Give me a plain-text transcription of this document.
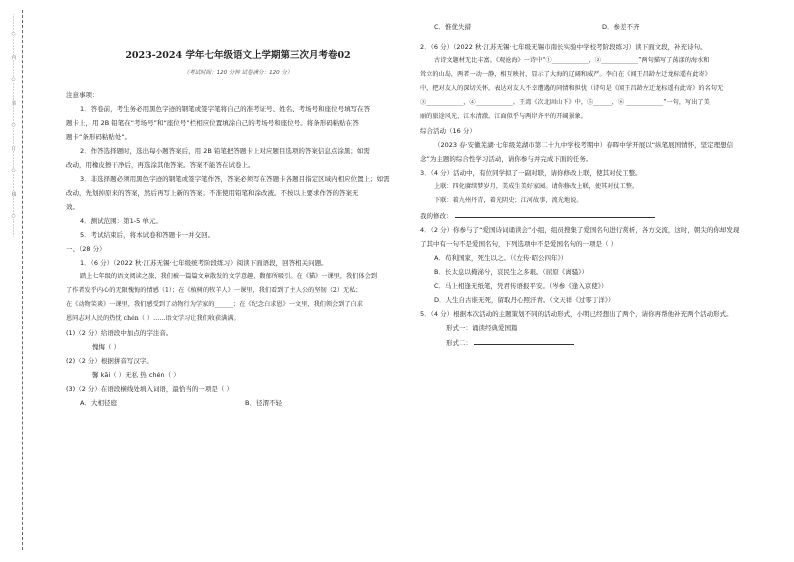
…………○…………内…………○…………装…………○…………订…………○…………线…………○…………	2023-2024 学年七年级语文上学期第三次月考卷02
（考试时间：120 分钟 试卷满分：120 分）
注意事项：
1．答卷前，考生务必用黑色字迹的钢笔或签字笔将自己的准考证号、姓名、考场号和座位号填写在答
题卡上，用 2B 铅笔在“考场号”和“座位号”栏相应位置填涂自己的考场号和座位号。将条形码粘贴在答
题卡“条形码粘贴处”。
2．作答选择题时，选出每小题答案后，用 2B 铅笔把答题卡上对应题目选项的答案信息点涂黑；如需
改动，用橡皮擦干净后，再选涂其他答案。答案不能答在试卷上。
3．非选择题必须用黑色字迹的钢笔或签字笔作答，答案必须写在答题卡各题目指定区域内相应位置上；如需
改动，先划掉原来的答案，然后再写上新的答案；不准使用铅笔和涂改液。不按以上要求作答的答案无
效。
4．测试范围：第1-5 单元。
5．考试结束后，将本试卷和答题卡一并交回。
一、（28 分）
1．（6 分）（2022 秋·江苏无锡·七年级统考阶段练习）阅读下面语段，回答相关问题。
踏上七年级的语文阅读之旅，我们被一篇篇文章散发的文学意趣、馥郁所吸引。在《猫》一课里，我们体会到
了作者发乎内心的无限愧悔的情感（1）；在《植树的牧羊人》一课里，我们看到了主人公的坚韧（2）无私；
在《动物笑谈》一课里，我们感受到了动物行为学家的______；在《纪念白求恩》一文里，我们领会到了白求
恩同志对人民的热忱 chén（ ）……语文学习让我们收获满满。
(1)（2 分）给语段中加点的字注音。
愧悔（ ）
(2)（2 分）根据拼音写汉字。
馨 kāi（ ）无私 热 chén（ ）
(3)（2 分）在语段横线处填入词语，最恰当的一项是（ ）
A．大相径庭	B．径渭不轻
C．惟优失措	D．参差不齐
2．（6 分）（2022 秋·江苏无锡·七年级无锡市南长实验中学校考阶段练习）读下面文段，补充诗句。
古诗文题材无比丰富。《观沧海》一诗中“①____________，②____________”两句描写了荡漾的海水和
耸立的山岛，两者一动一静，相互映衬，显示了大海的辽阔和威严。李白在《闻王昌龄左迁龙标遥有此寄》
中，把对友人的深切关怀，表达对友人不幸遭遇的同情和担忧（诗句是《闻王昌龄左迁龙标遥有此寄》的名句无
③____________，④____________。王湾《次北固山下》中，⑤______，⑥ ____________”一句，写出了美
丽的旅途风光，江水清澈，江面似乎与两岸齐平的开阔景象。
综合活动（16 分）
（2023 春·安徽芜湖·七年级芜湖市第二十九中学校考期中）春晖中学开展以“纵笔展国情怀，坚定理想信
念”为主题的综合性学习活动，请你参与并完成下面的任务。
3．（4 分）活动中，有位同学拟了一副对联，请你修改上联，使其对仗工整。
上联：四化赓续梦岁月，美成生美好家园。请你修改上联，使其对仗工整。
下联：着九州丹青，着光阴史；江河故事，流光地说。
我的修改：
4．（2 分）你参与了“爱国诗词诵读会”小组，组员搜集了爱国名句进行赏析，各方交流，这时，朝尖的你却发现
了其中有一句不是爱国名句，下列选项中不是爱国名句的一项是（ ）
A．苟利国家，死生以之。（《左传·昭公四年》）
B．长太息以掩涕兮，哀民生之多艰。（屈原《离骚》）
C．马上相逢无纸笔，凭君传语报平安。（岑参《逢入京使》）
D．人生自古谁无死，留取丹心照汗青。（文天祥《过零丁洋》）
5．（4 分）根据本次活动的主题策划不同的活动形式，小明已经想出了两个，请你再帮他补充两个活动形式。
形式一：诵读经典爱国篇
形式二：
